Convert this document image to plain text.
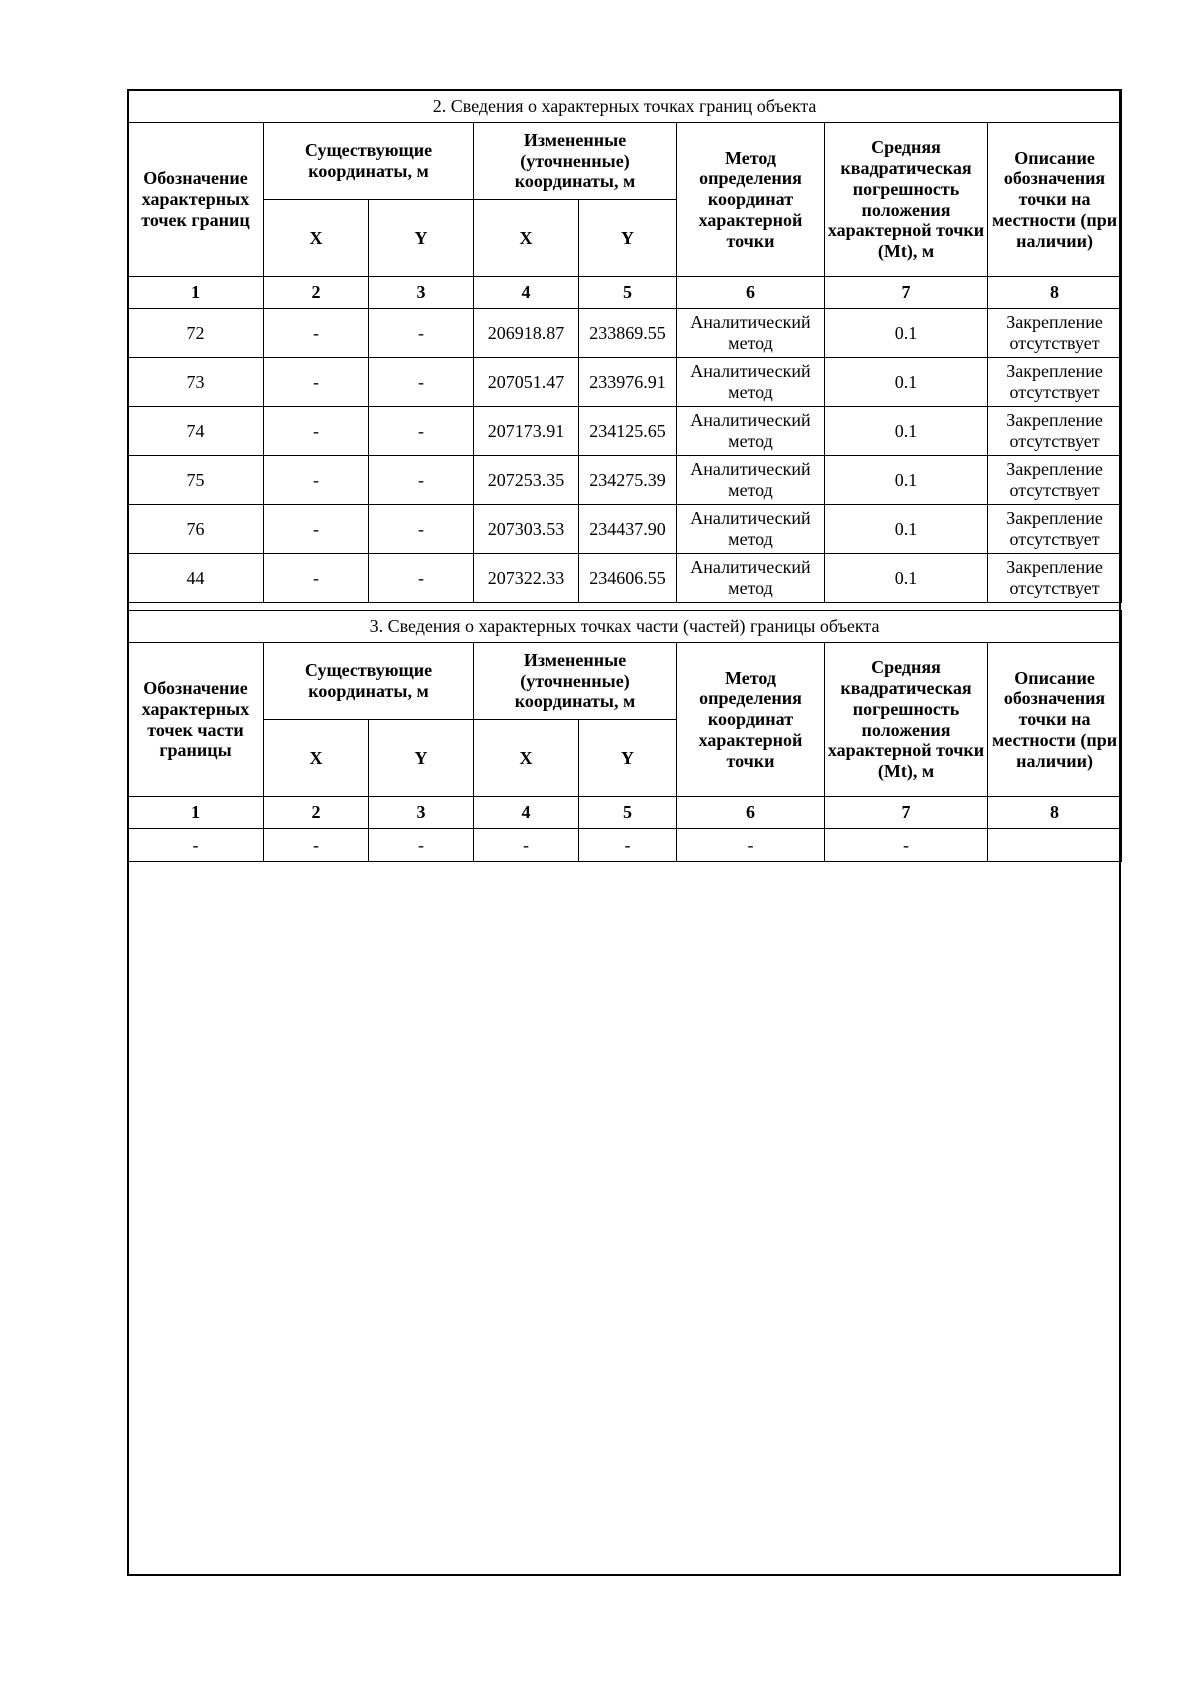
2. Сведения о характерных точках границ объекта							
Обозначение характерных точек границ	Существующие координаты, м		Измененные (уточненные) координаты, м		Метод определения координат характерной точки	Средняя квадратическая погрешность положения характерной точки (Mt), м	Описание обозначения точки на местности (при наличии)
	X	Y	X	Y			
1	2	3	4	5	6	7	8
72	-	-	206918.87	233869.55	Аналитический метод	0.1	Закрепление отсутствует
73	-	-	207051.47	233976.91	Аналитический метод	0.1	Закрепление отсутствует
74	-	-	207173.91	234125.65	Аналитический метод	0.1	Закрепление отсутствует
75	-	-	207253.35	234275.39	Аналитический метод	0.1	Закрепление отсутствует
76	-	-	207303.53	234437.90	Аналитический метод	0.1	Закрепление отсутствует
44	-	-	207322.33	234606.55	Аналитический метод	0.1	Закрепление отсутствует
3. Сведения о характерных точках части (частей) границы объекта							
Обозначение характерных точек части границы	Существующие координаты, м		Измененные (уточненные) координаты, м		Метод определения координат характерной точки	Средняя квадратическая погрешность положения характерной точки (Mt), м	Описание обозначения точки на местности (при наличии)
	X	Y	X	Y			
1	2	3	4	5	6	7	8
-	-	-	-	-	-	-	
